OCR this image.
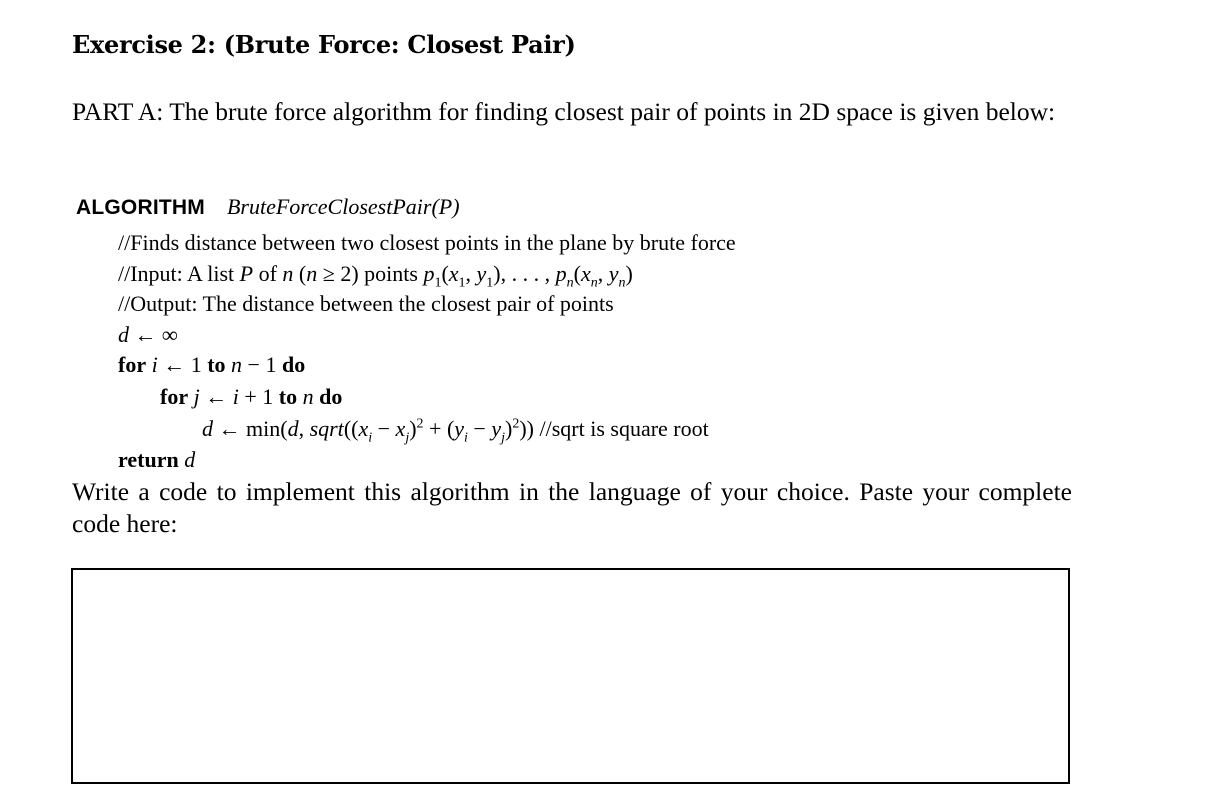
Exercise 2: (Brute Force: Closest Pair)
PART A: The brute force algorithm for finding closest pair of points in 2D space is given below:
ALGORITHM BruteForceClosestPair(P)
//Finds distance between two closest points in the plane by brute force
//Input: A list P of n (n ≥ 2) points $p_1(x_1$, $y_1$), . . . , $p_n(x_n$, $y_n$)
//Output: The distance between the closest pair of points
d ← ∞
for i ← 1 to n − 1 do
for j ← i + 1 to n do
d ← min(d, $sqrt((x_i - x_j)^2 + (y_i - y_j)^2)$) //sqrt is square root
return d
Write a code to implement this algorithm in the language of your choice. Paste your complete code here:
